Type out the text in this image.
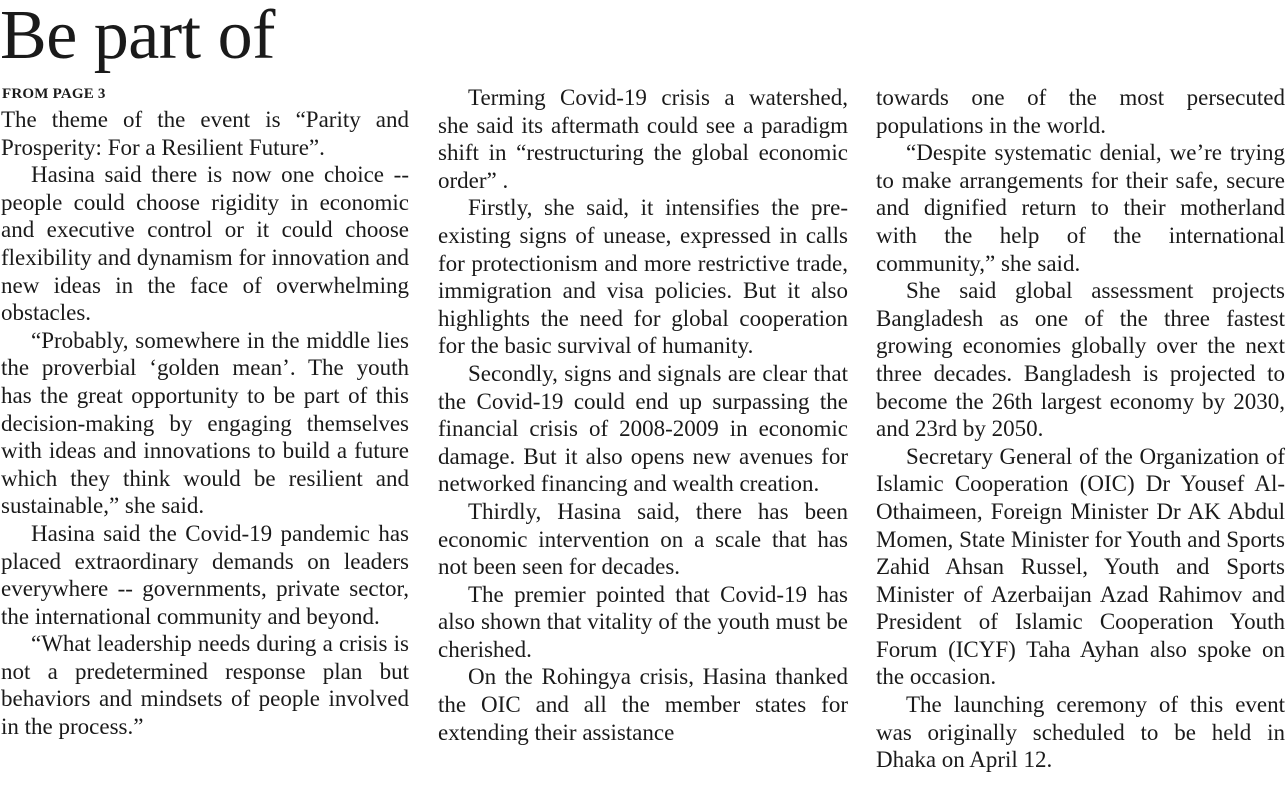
Be part of
FROM PAGE 3

The theme of the event is “Parity and Prosperity: For a Resilient Future”.

Hasina said there is now one choice -- people could choose rigidity in economic and executive control or it could choose flexibility and dynamism for innovation and new ideas in the face of overwhelming obstacles.

“Probably, somewhere in the middle lies the proverbial ‘golden mean’. The youth has the great opportunity to be part of this decision-making by engaging themselves with ideas and innovations to build a future which they think would be resilient and sustainable,” she said.

Hasina said the Covid-19 pandemic has placed extraordinary demands on leaders everywhere -- governments, private sector, the international community and beyond.

“What leadership needs during a crisis is not a predetermined response plan but behaviors and mindsets of people involved in the process.”

Terming Covid-19 crisis a watershed, she said its aftermath could see a paradigm shift in “restructuring the global economic order” .

Firstly, she said, it intensifies the pre-existing signs of unease, expressed in calls for protectionism and more restrictive trade, immigration and visa policies. But it also highlights the need for global cooperation for the basic survival of humanity.

Secondly, signs and signals are clear that the Covid-19 could end up surpassing the financial crisis of 2008-2009 in economic damage. But it also opens new avenues for networked financing and wealth creation.

Thirdly, Hasina said, there has been economic intervention on a scale that has not been seen for decades.

The premier pointed that Covid-19 has also shown that vitality of the youth must be cherished.

On the Rohingya crisis, Hasina thanked the OIC and all the member states for extending their assistance

towards one of the most persecuted populations in the world.

“Despite systematic denial, we’re trying to make arrangements for their safe, secure and dignified return to their motherland with the help of the international community,” she said.

She said global assessment projects Bangladesh as one of the three fastest growing economies globally over the next three decades. Bangladesh is projected to become the 26th largest economy by 2030, and 23rd by 2050.

Secretary General of the Organization of Islamic Cooperation (OIC) Dr Yousef Al-Othaimeen, Foreign Minister Dr AK Abdul Momen, State Minister for Youth and Sports Zahid Ahsan Russel, Youth and Sports Minister of Azerbaijan Azad Rahimov and President of Islamic Cooperation Youth Forum (ICYF) Taha Ayhan also spoke on the occasion.

The launching ceremony of this event was originally scheduled to be held in Dhaka on April 12.
